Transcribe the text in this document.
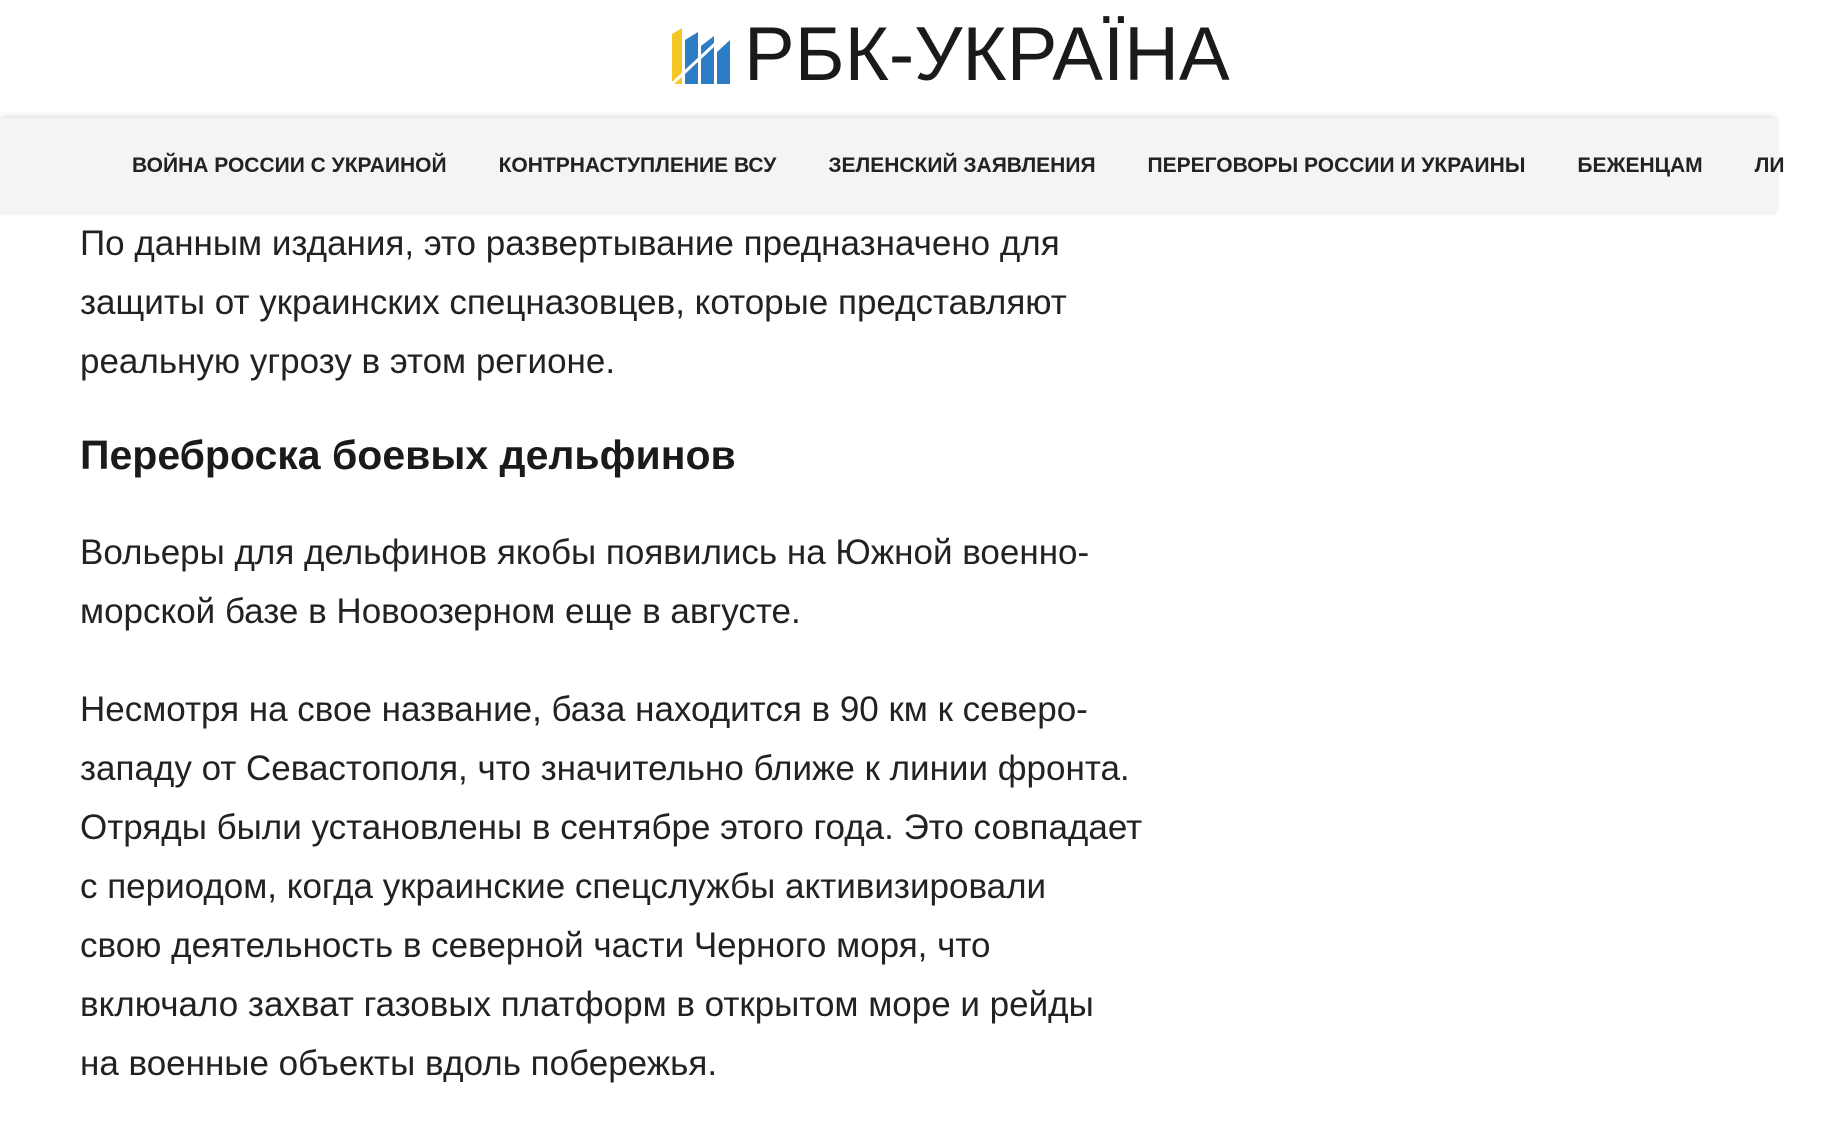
РБК-УКРАЇНА
ВОЙНА РОССИИ С УКРАИНОЙ КОНТРНАСТУПЛЕНИЕ ВСУ ЗЕЛЕНСКИЙ ЗАЯВЛЕНИЯ ПЕРЕГОВОРЫ РОССИИ И УКРАИНЫ БЕЖЕНЦАМ ЛИ

По данным издания, это развертывание предназначено для
защиты от украинских спецназовцев, которые представляют
реальную угрозу в этом регионе.

Переброска боевых дельфинов

Вольеры для дельфинов якобы появились на Южной военно-
морской базе в Новоозерном еще в августе.

Несмотря на свое название, база находится в 90 км к северо-
западу от Севастополя, что значительно ближе к линии фронта.
Отряды были установлены в сентябре этого года. Это совпадает
с периодом, когда украинские спецслужбы активизировали
свою деятельность в северной части Черного моря, что
включало захват газовых платформ в открытом море и рейды
на военные объекты вдоль побережья.
